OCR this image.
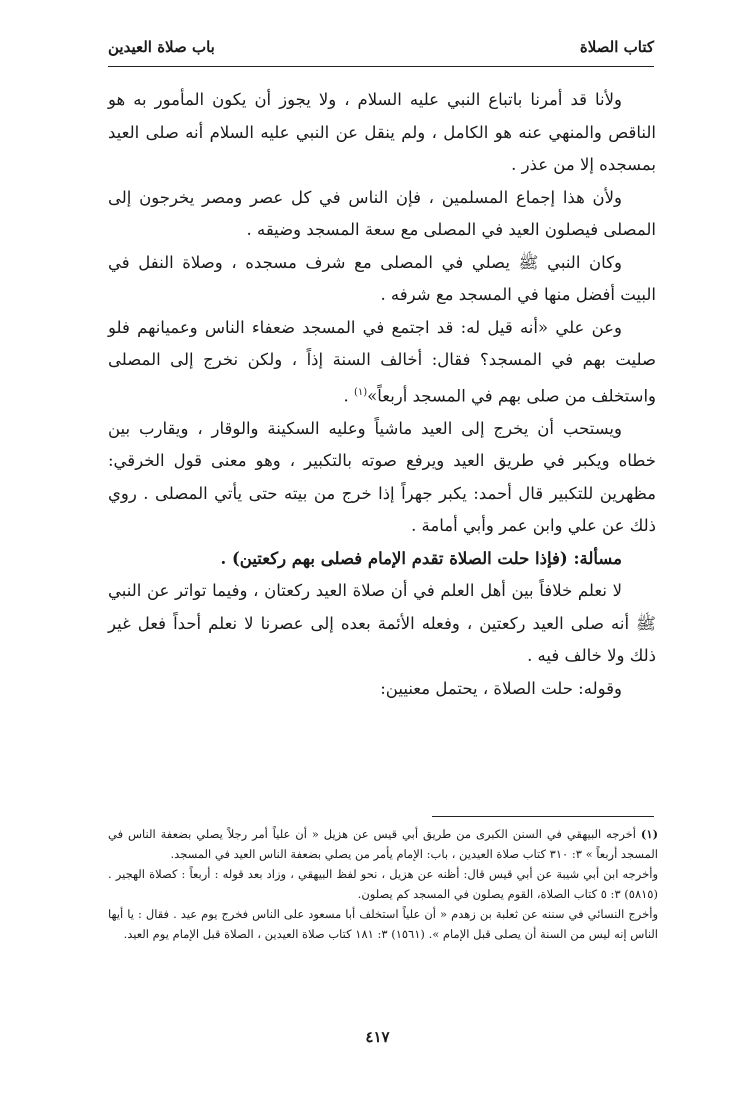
كتاب الصلاة
باب صلاة العيدين

ولأنا قد أمرنا باتباع النبي عليه السلام ، ولا يجوز أن يكون المأمور به هو الناقص والمنهي عنه هو الكامل ، ولم ينقل عن النبي عليه السلام أنه صلى العيد بمسجده إلا من عذر .

ولأن هذا إجماع المسلمين ، فإن الناس في كل عصر ومصر يخرجون إلى المصلى فيصلون العيد في المصلى مع سعة المسجد وضيقه .

وكان النبي ﷺ يصلي في المصلى مع شرف مسجده ، وصلاة النفل في البيت أفضل منها في المسجد مع شرفه .

وعن علي «أنه قيل له: قد اجتمع في المسجد ضعفاء الناس وعميانهم فلو صليت بهم في المسجد؟ فقال: أخالف السنة إذاً ، ولكن نخرج إلى المصلى واستخلف من صلى بهم في المسجد أربعاً»$^{(١)}$ .

ويستحب أن يخرج إلى العيد ماشياً وعليه السكينة والوقار ، ويقارب بين خطاه ويكبر في طريق العيد ويرفع صوته بالتكبير ، وهو معنى قول الخرقي: مظهرين للتكبير قال أحمد: يكبر جهراً إذا خرج من بيته حتى يأتي المصلى . روي ذلك عن علي وابن عمر وأبي أمامة .

مسألة: (فإذا حلت الصلاة تقدم الإمام فصلى بهم ركعتين) .

لا نعلم خلافاً بين أهل العلم في أن صلاة العيد ركعتان ، وفيما تواتر عن النبي ﷺ أنه صلى العيد ركعتين ، وفعله الأئمة بعده إلى عصرنا لا نعلم أحداً فعل غير ذلك ولا خالف فيه .

وقوله: حلت الصلاة ، يحتمل معنيين:

(١) أخرجه البيهقي في السنن الكبرى من طريق أبي قيس عن هزيل « أن علياً أمر رجلاً يصلي بضعفة الناس في المسجد أربعاً » ٣: ٣١٠ كتاب صلاة العيدين ، باب: الإمام يأمر من يصلي بضعفة الناس العيد في المسجد.

وأخرجه ابن أبي شيبة عن أبي قيس قال: أظنه عن هزيل ، نحو لفظ البيهقي ، وزاد بعد قوله : أربعاً : كصلاة الهجير . (٥٨١٥) ٣: ٥ كتاب الصلاة، القوم يصلون في المسجد كم يصلون.

وأخرج النسائي في سننه عن ثعلبة بن زهدم « أن علياً استخلف أبا مسعود على الناس فخرج يوم عيد . فقال : يا أيها الناس إنه ليس من السنة أن يصلى قبل الإمام ». (١٥٦١) ٣: ١٨١ كتاب صلاة العيدين ، الصلاة قبل الإمام يوم العيد.

٤١٧
